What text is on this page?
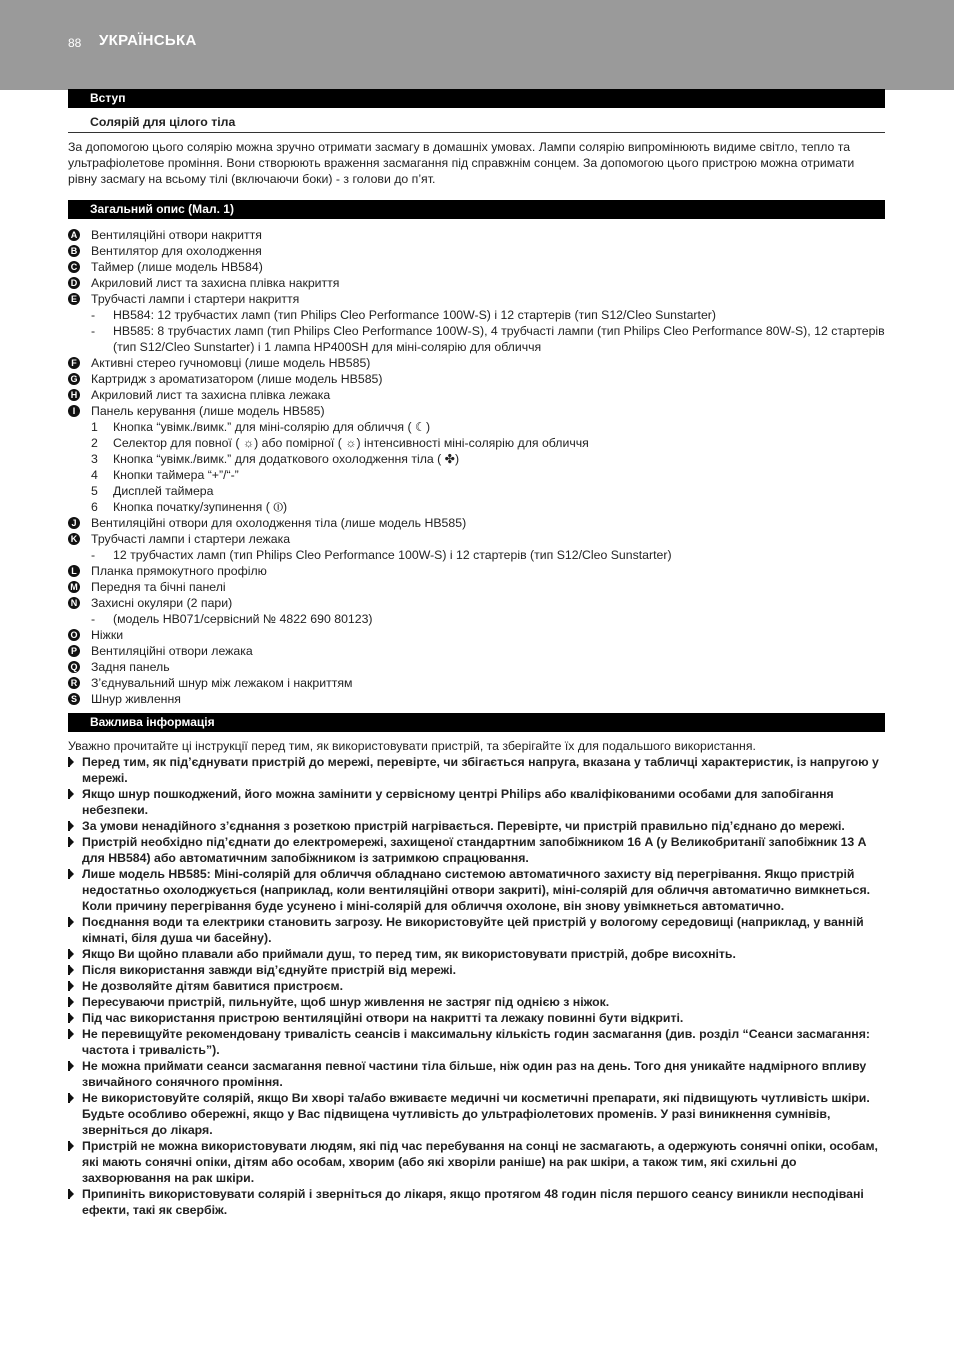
88 УКРАЇНСЬКА
Вступ
Солярій для цілого тіла

За допомогою цього солярію можна зручно отримати засмагу в домашніх умовах. Лампи солярію випромінюють видиме світло, тепло та ультрафіолетове проміння. Вони створюють враження засмагання під справжнім сонцем. За допомогою цього пристрою можна отримати рівну засмагу на всьому тілі (включаючи боки) - з голови до п’ят.

Загальний опис (Мал. 1)
A Вентиляційні отвори накриття
B Вентилятор для охолодження
C Таймер (лише модель HB584)
D Акриловий лист та захисна плівка накриття
E Трубчасті лампи і стартери накриття
- HB584: 12 трубчастих ламп (тип Philips Cleo Performance 100W-S) і 12 стартерів (тип S12/Cleo Sunstarter)
- HB585: 8 трубчастих ламп (тип Philips Cleo Performance 100W-S), 4 трубчасті лампи (тип Philips Cleo Performance 80W-S), 12 стартерів (тип S12/Cleo Sunstarter) і 1 лампа HP400SH для міні-солярію для обличчя
F Активні стерео гучномовці (лише модель HB585)
G Картридж з ароматизатором (лише модель HB585)
H Акриловий лист та захисна плівка лежака
I	Панель керування (лише модель HB585)
1 Кнопка “увімк./вимк.” для міні-солярію для обличчя ( ☾)
2 Селектор для повної ( ☼) або помірної ( ☼) інтенсивності міні-солярію для обличчя
3 Кнопка “увімк./вимк.” для додаткового охолодження тіла ( ✤)
4 Кнопки таймера “+”/“-”
5 Дисплей таймера
6 Кнопка початку/зупинення ( ⏼)
J Вентиляційні отвори для охолодження тіла (лише модель HB585)
K Трубчасті лампи і стартери лежака
- 12 трубчастих ламп (тип Philips Cleo Performance 100W-S) і 12 стартерів (тип S12/Cleo Sunstarter)
L Планка прямокутного профілю
M Передня та бічні панелі
N Захисні окуляри (2 пари)
- (модель HB071/сервісний № 4822 690 80123)
O Ніжки
P Вентиляційні отвори лежака
Q Задня панель
R З’єднувальний шнур між лежаком і накриттям
S Шнур живлення
Важлива інформація

Уважно прочитайте ці інструкції перед тим, як використовувати пристрій, та зберігайте їх для подальшого використання.

Перед тим, як під’єднувати пристрій до мережі, перевірте, чи збігається напруга, вказана у табличці характеристик, із напругою у мережі.
Якщо шнур пошкоджений, його можна замінити у сервісному центрі Philips або кваліфікованими особами для запобігання небезпеки.
За умови ненадійного з’єднання з розеткою пристрій нагрівається. Перевірте, чи пристрій правильно під’єднано до мережі.
Пристрій необхідно під’єднати до електромережі, захищеної стандартним запобіжником 16 A (у Великобританії запобіжник 13 A для HB584) або автоматичним запобіжником із затримкою спрацювання.
Лише модель HB585: Міні-солярій для обличчя обладнано системою автоматичного захисту від перегрівання. Якщо пристрій недостатньо охолоджується (наприклад, коли вентиляційні отвори закриті), міні-солярій для обличчя автоматично вимкнеться. Коли причину перегрівання буде усунено і міні-солярій для обличчя охолоне, він знову увімкнеться автоматично.
Поєднання води та електрики становить загрозу. Не використовуйте цей пристрій у вологому середовищі (наприклад, у ванній кімнаті, біля душа чи басейну).
Якщо Ви щойно плавали або приймали душ, то перед тим, як використовувати пристрій, добре висохніть.
Після використання завжди від’єднуйте пристрій від мережі.
Не дозволяйте дітям бавитися пристроєм.
Пересуваючи пристрій, пильнуйте, щоб шнур живлення не застряг під однією з ніжок.
Під час використання пристрою вентиляційні отвори на накритті та лежаку повинні бути відкриті.
Не перевищуйте рекомендовану тривалість сеансів і максимальну кількість годин засмагання (див. розділ “Сеанси засмагання: частота і тривалість”).
Не можна приймати сеанси засмагання певної частини тіла більше, ніж один раз на день. Того дня уникайте надмірного впливу звичайного сонячного проміння.
Не використовуйте солярій, якщо Ви хворі та/або вживаєте медичні чи косметичні препарати, які підвищують чутливість шкіри. Будьте особливо обережні, якщо у Вас підвищена чутливість до ультрафіолетових променів. У разі виникнення сумнівів, зверніться до лікаря.
Пристрій не можна використовувати людям, які під час перебування на сонці не засмагають, а одержують сонячні опіки, особам, які мають сонячні опіки, дітям або особам, хворим (або які хворіли раніше) на рак шкіри, а також тим, які схильні до захворювання на рак шкіри.
Припиніть використовувати солярій і зверніться до лікаря, якщо протягом 48 годин після першого сеансу виникли несподівані ефекти, такі як свербіж.
